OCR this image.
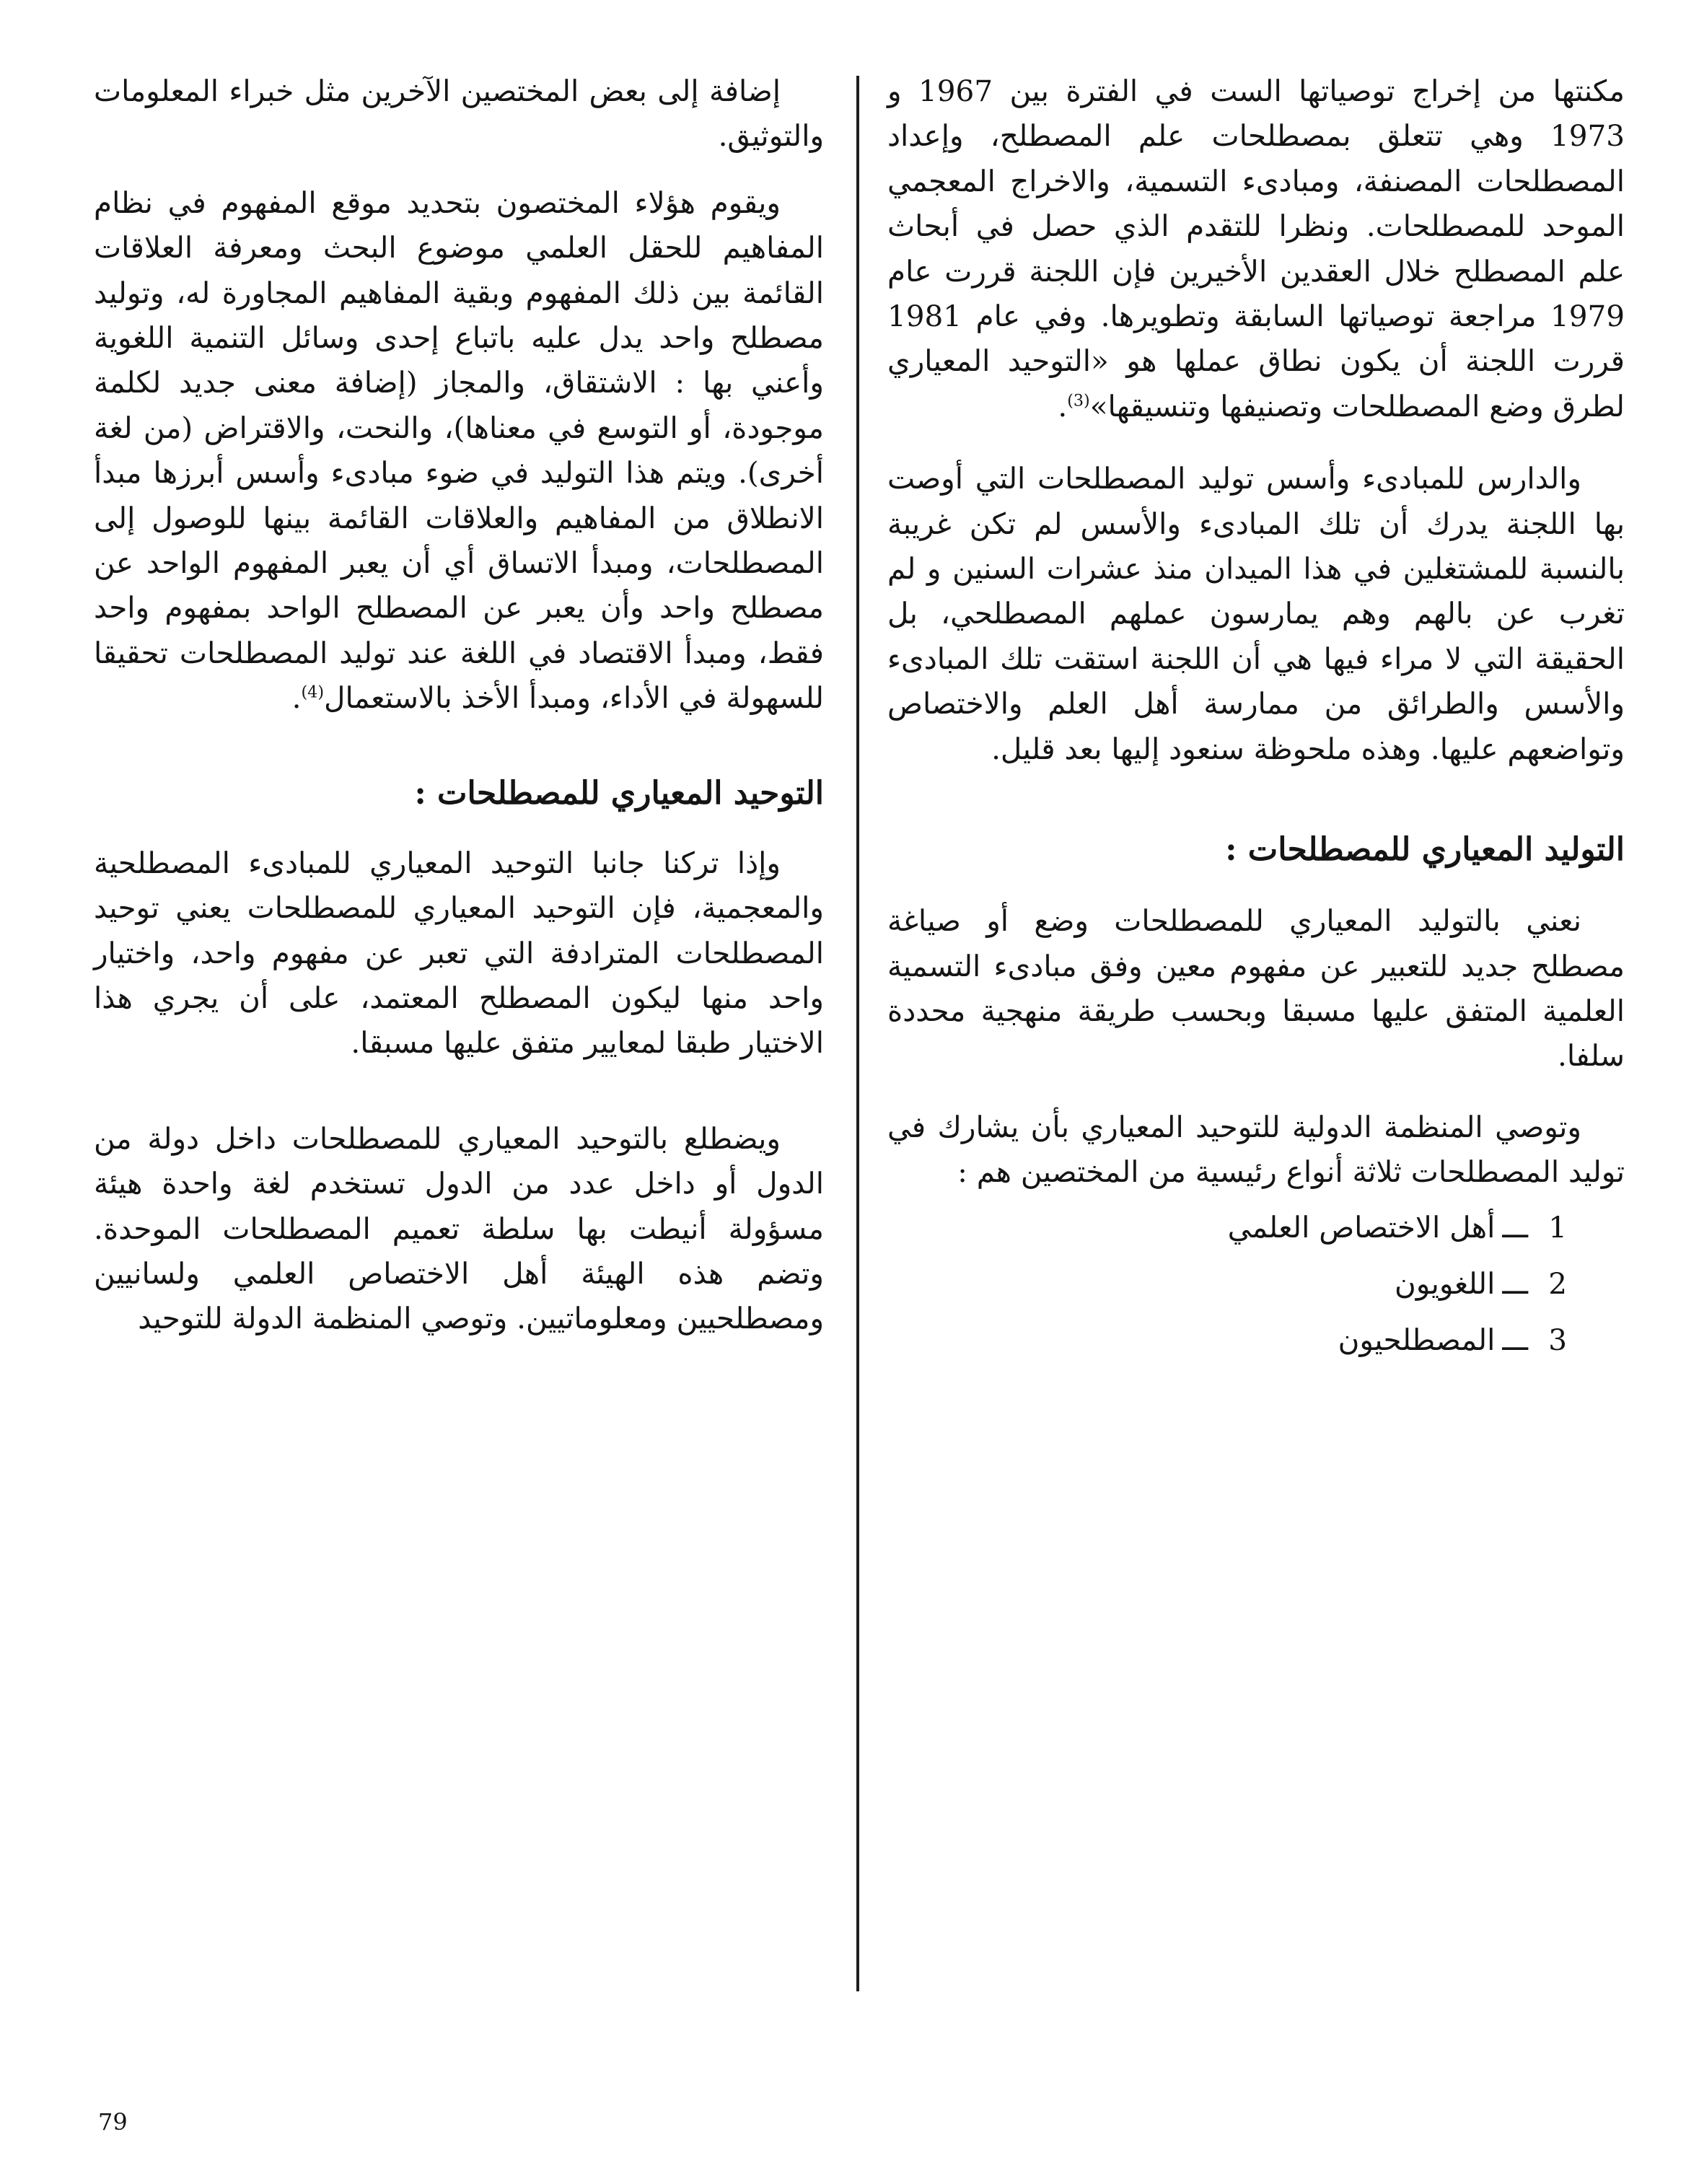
مكنتها من إخراج توصياتها الست في الفترة بين 1967 و 1973 وهي تتعلق بمصطلحات علم المصطلح، وإعداد المصطلحات المصنفة، ومبادىء التسمية، والاخراج المعجمي الموحد للمصطلحات. ونظرا للتقدم الذي حصل في أبحاث علم المصطلح خلال العقدين الأخيرين فإن اللجنة قررت عام 1979 مراجعة توصياتها السابقة وتطويرها. وفي عام 1981 قررت اللجنة أن يكون نطاق عملها هو «التوحيد المعياري لطرق وضع المصطلحات وتصنيفها وتنسيقها»$^{(3)}$.

والدارس للمبادىء وأسس توليد المصطلحات التي أوصت بها اللجنة يدرك أن تلك المبادىء والأسس لم تكن غريبة بالنسبة للمشتغلين في هذا الميدان منذ عشرات السنين و لم تغرب عن بالهم وهم يمارسون عملهم المصطلحي، بل الحقيقة التي لا مراء فيها هي أن اللجنة استقت تلك المبادىء والأسس والطرائق من ممارسة أهل العلم والاختصاص وتواضعهم عليها. وهذه ملحوظة سنعود إليها بعد قليل.

التوليد المعياري للمصطلحات :

نعني بالتوليد المعياري للمصطلحات وضع أو صياغة مصطلح جديد للتعبير عن مفهوم معين وفق مبادىء التسمية العلمية المتفق عليها مسبقا وبحسب طريقة منهجية محددة سلفا.

وتوصي المنظمة الدولية للتوحيد المعياري بأن يشارك في توليد المصطلحات ثلاثة أنواع رئيسية من المختصين هم :

1ـــأهل الاختصاص العلمي
2ـــاللغويون
3ـــالمصطلحيون

إضافة إلى بعض المختصين الآخرين مثل خبراء المعلومات والتوثيق.

ويقوم هؤلاء المختصون بتحديد موقع المفهوم في نظام المفاهيم للحقل العلمي موضوع البحث ومعرفة العلاقات القائمة بين ذلك المفهوم وبقية المفاهيم المجاورة له، وتوليد مصطلح واحد يدل عليه باتباع إحدى وسائل التنمية اللغوية وأعني بها : الاشتقاق، والمجاز (إضافة معنى جديد لكلمة موجودة، أو التوسع في معناها)، والنحت، والاقتراض (من لغة أخرى). ويتم هذا التوليد في ضوء مبادىء وأسس أبرزها مبدأ الانطلاق من المفاهيم والعلاقات القائمة بينها للوصول إلى المصطلحات، ومبدأ الاتساق أي أن يعبر المفهوم الواحد عن مصطلح واحد وأن يعبر عن المصطلح الواحد بمفهوم واحد فقط، ومبدأ الاقتصاد في اللغة عند توليد المصطلحات تحقيقا للسهولة في الأداء، ومبدأ الأخذ بالاستعمال$^{(4)}$.

التوحيد المعياري للمصطلحات :

وإذا تركنا جانبا التوحيد المعياري للمبادىء المصطلحية والمعجمية، فإن التوحيد المعياري للمصطلحات يعني توحيد المصطلحات المترادفة التي تعبر عن مفهوم واحد، واختيار واحد منها ليكون المصطلح المعتمد، على أن يجري هذا الاختيار طبقا لمعايير متفق عليها مسبقا.

ويضطلع بالتوحيد المعياري للمصطلحات داخل دولة من الدول أو داخل عدد من الدول تستخدم لغة واحدة هيئة مسؤولة أنيطت بها سلطة تعميم المصطلحات الموحدة. وتضم هذه الهيئة أهل الاختصاص العلمي ولسانيين ومصطلحيين ومعلوماتيين. وتوصي المنظمة الدولة للتوحيد

79
